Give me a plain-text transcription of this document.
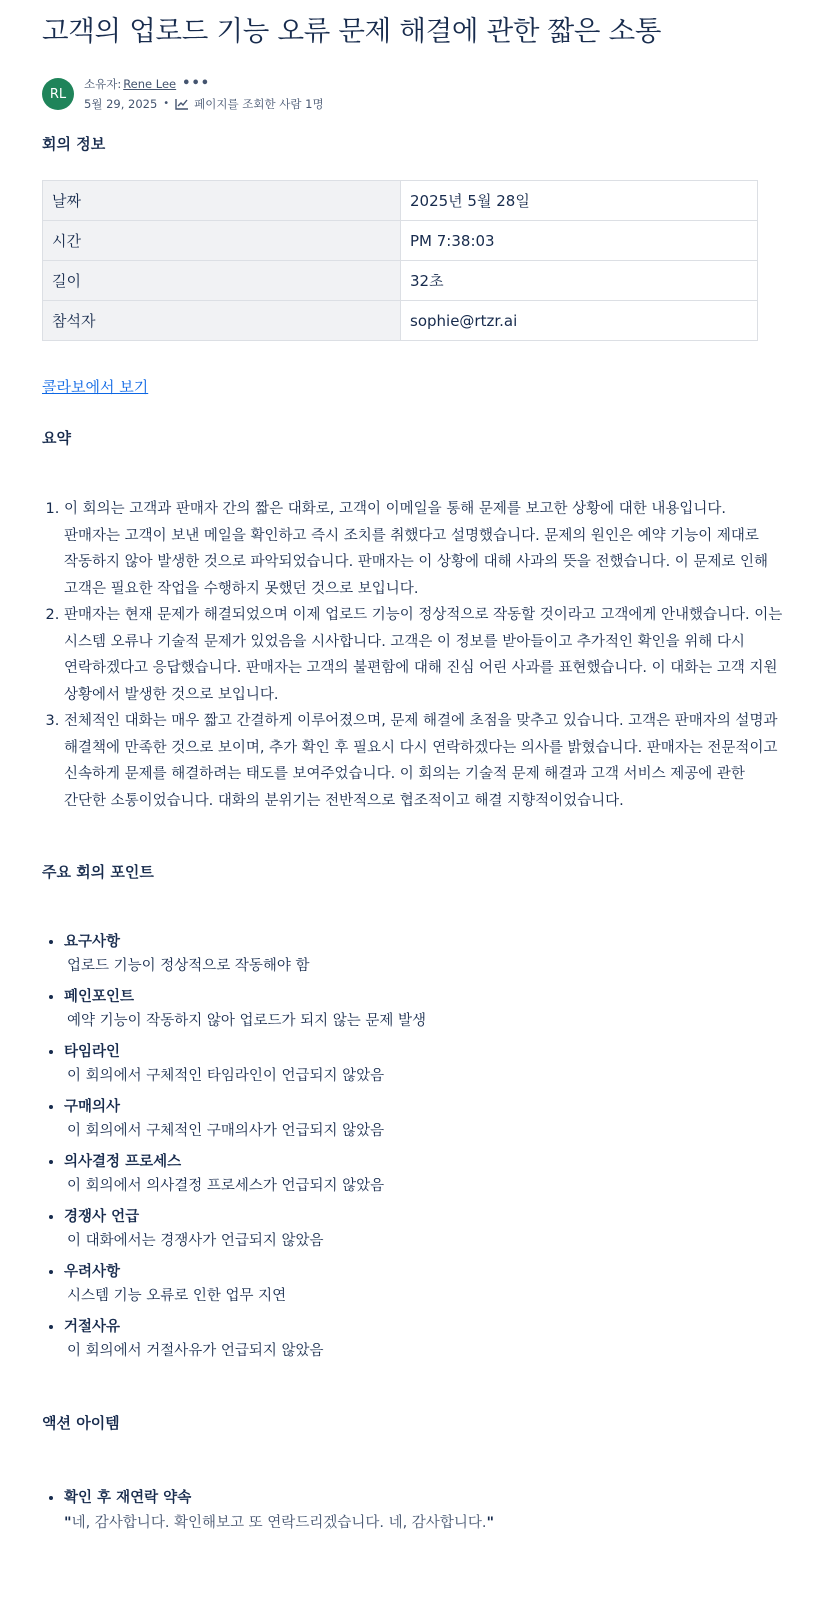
고객의 업로드 기능 오류 문제 해결에 관한 짧은 소통
RL
소유자: Rene Lee •••
5월 29, 2025 • 페이지를 조회한 사람 1명
회의 정보
날짜	2025년 5월 28일
시간	PM 7:38:03
길이	32초
참석자	sophie@rtzr.ai
콜라보에서 보기
요약
1. 이 회의는 고객과 판매자 간의 짧은 대화로, 고객이 이메일을 통해 문제를 보고한 상황에 대한 내용입니다. 판매자는 고객이 보낸 메일을 확인하고 즉시 조치를 취했다고 설명했습니다. 문제의 원인은 예약 기능이 제대로 작동하지 않아 발생한 것으로 파악되었습니다. 판매자는 이 상황에 대해 사과의 뜻을 전했습니다. 이 문제로 인해 고객은 필요한 작업을 수행하지 못했던 것으로 보입니다.
2. 판매자는 현재 문제가 해결되었으며 이제 업로드 기능이 정상적으로 작동할 것이라고 고객에게 안내했습니다. 이는 시스템 오류나 기술적 문제가 있었음을 시사합니다. 고객은 이 정보를 받아들이고 추가적인 확인을 위해 다시 연락하겠다고 응답했습니다. 판매자는 고객의 불편함에 대해 진심 어린 사과를 표현했습니다. 이 대화는 고객 지원 상황에서 발생한 것으로 보입니다.
3. 전체적인 대화는 매우 짧고 간결하게 이루어졌으며, 문제 해결에 초점을 맞추고 있습니다. 고객은 판매자의 설명과 해결책에 만족한 것으로 보이며, 추가 확인 후 필요시 다시 연락하겠다는 의사를 밝혔습니다. 판매자는 전문적이고 신속하게 문제를 해결하려는 태도를 보여주었습니다. 이 회의는 기술적 문제 해결과 고객 서비스 제공에 관한 간단한 소통이었습니다. 대화의 분위기는 전반적으로 협조적이고 해결 지향적이었습니다.
주요 회의 포인트
• 요구사항
업로드 기능이 정상적으로 작동해야 함
• 페인포인트
예약 기능이 작동하지 않아 업로드가 되지 않는 문제 발생
• 타임라인
이 회의에서 구체적인 타임라인이 언급되지 않았음
• 구매의사
이 회의에서 구체적인 구매의사가 언급되지 않았음
• 의사결정 프로세스
이 회의에서 의사결정 프로세스가 언급되지 않았음
• 경쟁사 언급
이 대화에서는 경쟁사가 언급되지 않았음
• 우려사항
시스템 기능 오류로 인한 업무 지연
• 거절사유
이 회의에서 거절사유가 언급되지 않았음
액션 아이템
• 확인 후 재연락 약속
"네, 감사합니다. 확인해보고 또 연락드리겠습니다. 네, 감사합니다."
